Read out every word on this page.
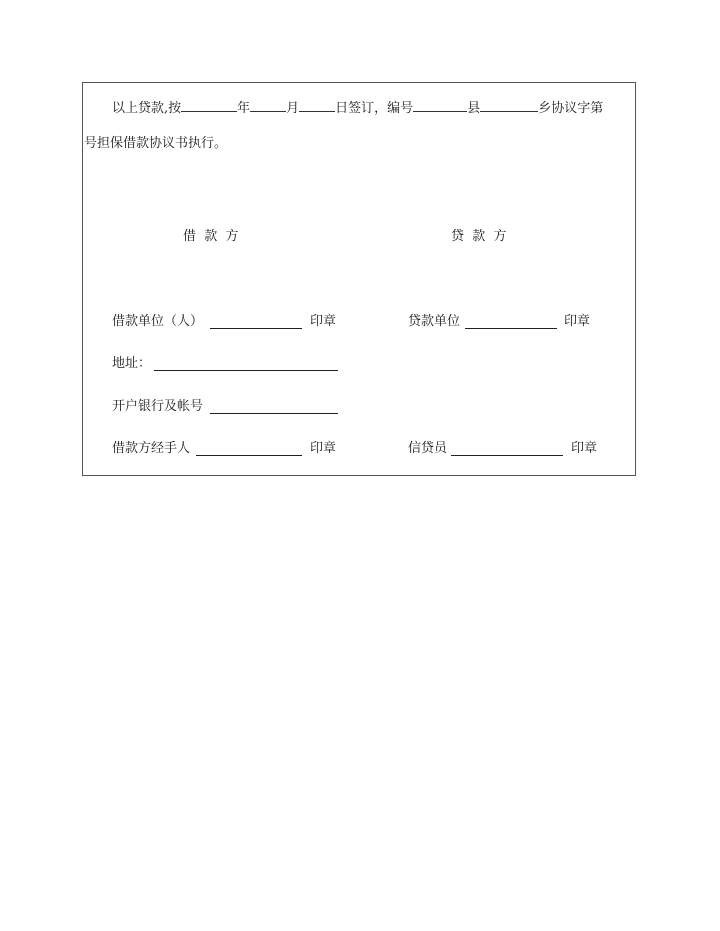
以上贷款,按	年	月	日签订，编号	县	乡协议字第
号担保借款协议书执行。
借  款  方	贷  款  方
借款单位（人）	印章	贷款单位	印章
地址：
开户银行及帐号
借款方经手人	印章	信贷员	印章
